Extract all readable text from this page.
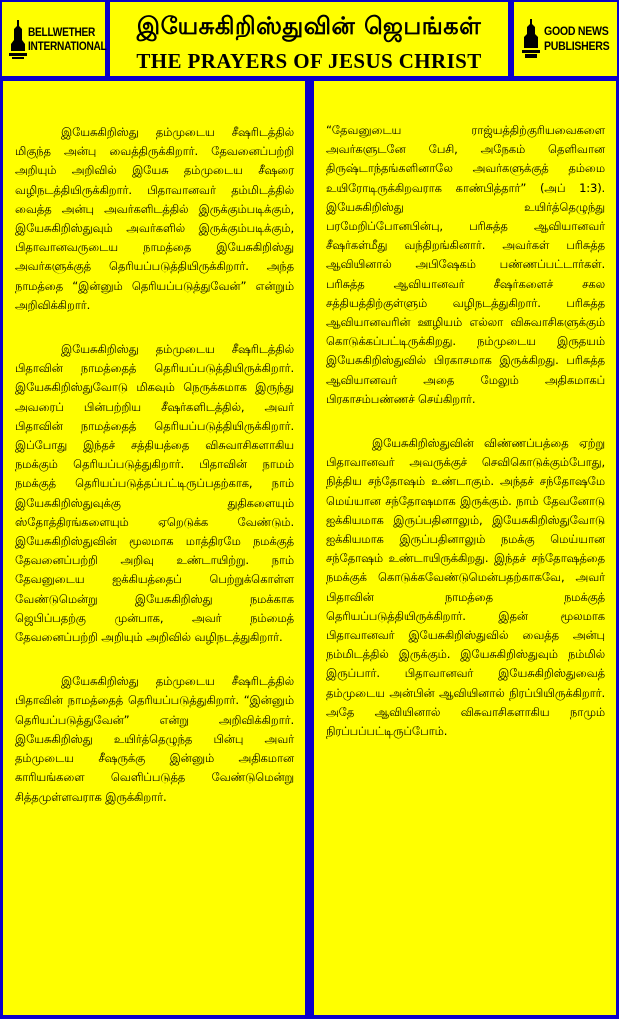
BELLWETHER
INTERNATIONAL
இயேசுகிறிஸ்துவின் ஜெபங்கள்
THE PRAYERS OF JESUS CHRIST
GOOD NEWS
PUBLISHERS

இயேசுகிறிஸ்து தம்முடைய சீஷரிடத்தில் மிகுந்த அன்பு வைத்திருக்கிறார். தேவனைப்பற்றி அறியும் அறிவில் இயேசு தம்முடைய சீஷரை வழிநடத்தியிருக்கிறார். பிதாவானவர் தம்மிடத்தில் வைத்த அன்பு அவர்களிடத்தில் இருக்கும்படிக்கும், இயேசுகிறிஸ்துவும் அவர்களில் இருக்கும்படிக்கும், பிதாவானவருடைய நாமத்தை இயேசுகிறிஸ்து அவர்களுக்குத் தெரியப்படுத்தியிருக்கிறார். அந்த நாமத்தை “இன்னும் தெரியப்படுத்துவேன்” என்றும் அறிவிக்கிறார்.

இயேசுகிறிஸ்து தம்முடைய சீஷரிடத்தில் பிதாவின் நாமத்தைத் தெரியப்படுத்தியிருக்கிறார். இயேசுகிறிஸ்துவோடு மிகவும் நெருக்கமாக இருந்து அவரைப் பின்பற்றிய சீஷர்களிடத்தில், அவர் பிதாவின் நாமத்தைத் தெரியப்படுத்தியிருக்கிறார். இப்போது இந்தச் சத்தியத்தை விசுவாசிகளாகிய நமக்கும் தெரியப்படுத்துகிறார். பிதாவின் நாமம் நமக்குத் தெரியப்படுத்தப்பட்டிருப்பதற்காக, நாம் இயேசுகிறிஸ்துவுக்கு துதிகளையும் ஸ்தோத்திரங்களையும் ஏறெடுக்க வேண்டும். இயேசுகிறிஸ்துவின் மூலமாக மாத்திரமே நமக்குத் தேவனைப்பற்றி அறிவு உண்டாயிற்று. நாம் தேவனுடைய ஐக்கியத்தைப் பெற்றுக்கொள்ள வேண்டுமென்று இயேசுகிறிஸ்து நமக்காக ஜெபிப்பதற்கு முன்பாக, அவர் நம்மைத் தேவனைப்பற்றி அறியும் அறிவில் வழிநடத்துகிறார்.

இயேசுகிறிஸ்து தம்முடைய சீஷரிடத்தில் பிதாவின் நாமத்தைத் தெரியப்படுத்துகிறார். “இன்னும் தெரியப்படுத்துவேன்” என்று அறிவிக்கிறார். இயேசுகிறிஸ்து உயிர்த்தெழுந்த பின்பு அவர் தம்முடைய சீஷருக்கு இன்னும் அதிகமான காரியங்களை வெளிப்படுத்த வேண்டுமென்று சித்தமுள்ளவராக இருக்கிறார்.

“தேவனுடைய ராஜ்யத்திற்குரியவைகளை அவர்களுடனே பேசி, அநேகம் தெளிவான திருஷ்டாந்தங்களினாலே அவர்களுக்குத் தம்மை உயிரோடிருக்கிறவராக காண்பித்தார்” (அப் 1:3). இயேசுகிறிஸ்து உயிர்த்தெழுந்து பரமேறிப்போனபின்பு, பரிசுத்த ஆவியானவர் சீஷர்கள்மீது வந்திறங்கினார். அவர்கள் பரிசுத்த ஆவியினால் அபிஷேகம் பண்ணப்பட்டார்கள். பரிசுத்த ஆவியானவர் சீஷர்களைச் சகல சத்தியத்திற்குள்ளும் வழிநடத்துகிறார். பரிசுத்த ஆவியானவரின் ஊழியம் எல்லா விசுவாசிகளுக்கும் கொடுக்கப்பட்டிருக்கிறது. நம்முடைய இருதயம் இயேசுகிறிஸ்துவில் பிரகாசமாக இருக்கிறது. பரிசுத்த ஆவியானவர் அதை மேலும் அதிகமாகப் பிரகாசம்பண்ணச் செய்கிறார்.

இயேசுகிறிஸ்துவின் விண்ணப்பத்தை ஏற்று பிதாவானவர் அவருக்குச் செவிகொடுக்கும்போது, நித்திய சந்தோஷம் உண்டாகும். அந்தச் சந்தோஷமே மெய்யான சந்தோஷமாக இருக்கும். நாம் தேவனோடு ஐக்கியமாக இருப்பதினாலும், இயேசுகிறிஸ்துவோடு ஐக்கியமாக இருப்பதினாலும் நமக்கு மெய்யான சந்தோஷம் உண்டாயிருக்கிறது. இந்தச் சந்தோஷத்தை நமக்குக் கொடுக்கவேண்டுமென்பதற்காகவே, அவர் பிதாவின் நாமத்தை நமக்குத் தெரியப்படுத்தியிருக்கிறார். இதன் மூலமாக பிதாவானவர் இயேசுகிறிஸ்துவில் வைத்த அன்பு நம்மிடத்தில் இருக்கும். இயேசுகிறிஸ்துவும் நம்மில் இருப்பார். பிதாவானவர் இயேசுகிறிஸ்துவைத் தம்முடைய அன்பின் ஆவியினால் நிரப்பியிருக்கிறார். அதே ஆவியினால் விசுவாசிகளாகிய நாமும் நிரப்பப்பட்டிருப்போம்.
